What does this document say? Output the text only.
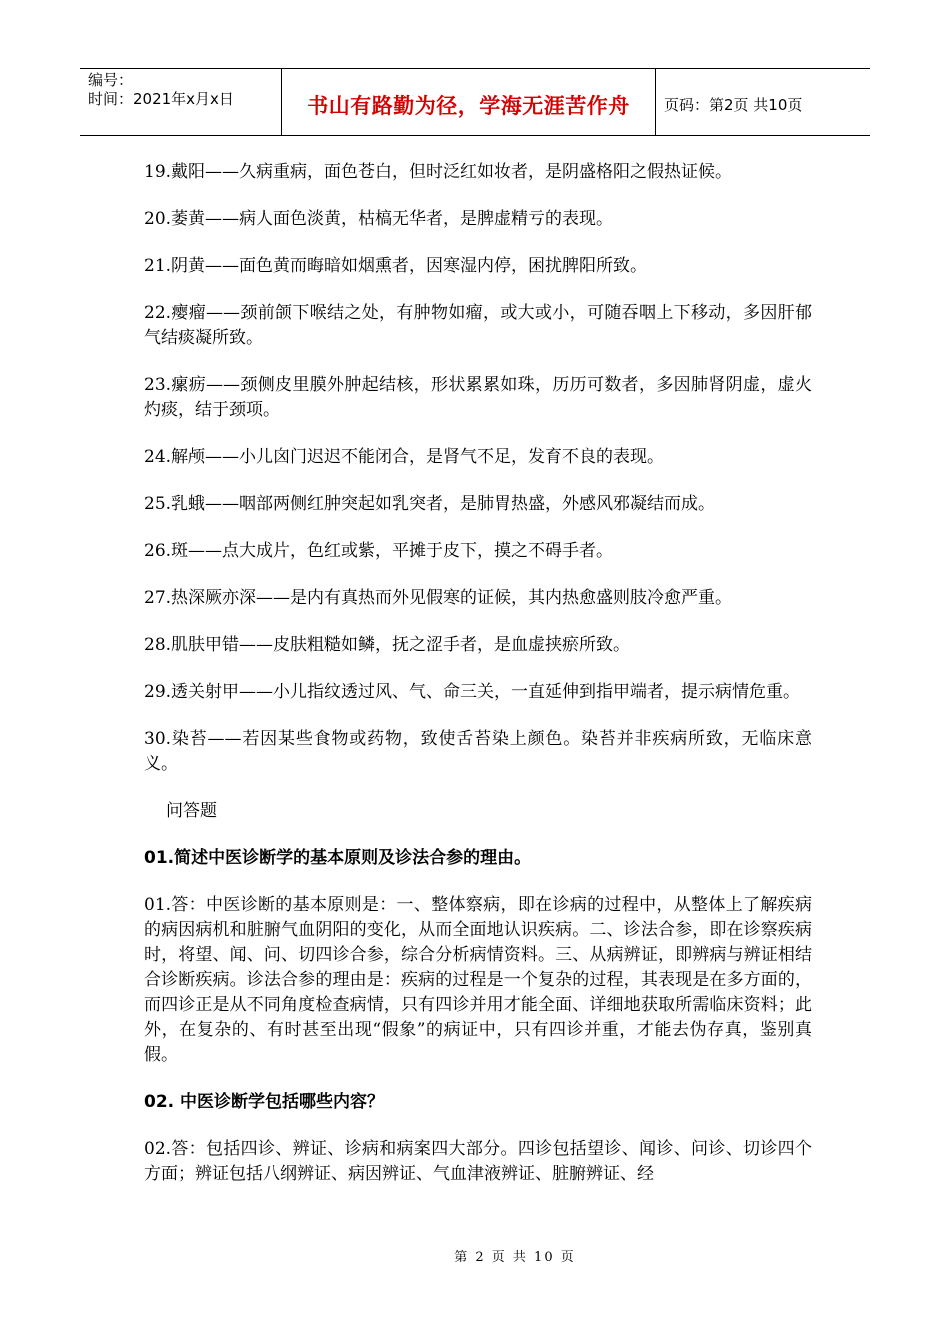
编号：
时间：2021年x月x日	书山有路勤为径，学海无涯苦作舟	页码：第2页 共10页

19.戴阳——久病重病，面色苍白，但时泛红如妆者，是阴盛格阳之假热证候。

20.萎黄——病人面色淡黄，枯槁无华者，是脾虚精亏的表现。

21.阴黄——面色黄而晦暗如烟熏者，因寒湿内停，困扰脾阳所致。

22.瘿瘤——颈前颌下喉结之处，有肿物如瘤，或大或小，可随吞咽上下移动，多因肝郁气结痰凝所致。

23.瘰疬——颈侧皮里膜外肿起结核，形状累累如珠，历历可数者，多因肺肾阴虚，虚火灼痰，结于颈项。

24.解颅——小儿囟门迟迟不能闭合，是肾气不足，发育不良的表现。

25.乳蛾——咽部两侧红肿突起如乳突者，是肺胃热盛，外感风邪凝结而成。

26.斑——点大成片，色红或紫，平摊于皮下，摸之不碍手者。

27.热深厥亦深——是内有真热而外见假寒的证候，其内热愈盛则肢冷愈严重。

28.肌肤甲错——皮肤粗糙如鳞，抚之涩手者，是血虚挟瘀所致。

29.透关射甲——小儿指纹透过风、气、命三关，一直延伸到指甲端者，提示病情危重。

30.染苔——若因某些食物或药物，致使舌苔染上颜色。染苔并非疾病所致，无临床意义。

问答题

01.简述中医诊断学的基本原则及诊法合参的理由。

01.答：中医诊断的基本原则是：一、整体察病，即在诊病的过程中，从整体上了解疾病的病因病机和脏腑气血阴阳的变化，从而全面地认识疾病。二、诊法合参，即在诊察疾病时，将望、闻、问、切四诊合参，综合分析病情资料。三、从病辨证，即辨病与辨证相结合诊断疾病。诊法合参的理由是：疾病的过程是一个复杂的过程，其表现是在多方面的，而四诊正是从不同角度检查病情，只有四诊并用才能全面、详细地获取所需临床资料；此外，在复杂的、有时甚至出现“假象”的病证中，只有四诊并重，才能去伪存真，鉴别真假。

02. 中医诊断学包括哪些内容？

02.答：包括四诊、辨证、诊病和病案四大部分。四诊包括望诊、闻诊、问诊、切诊四个方面；辨证包括八纲辨证、病因辨证、气血津液辨证、脏腑辨证、经

第 2 页 共 10 页
